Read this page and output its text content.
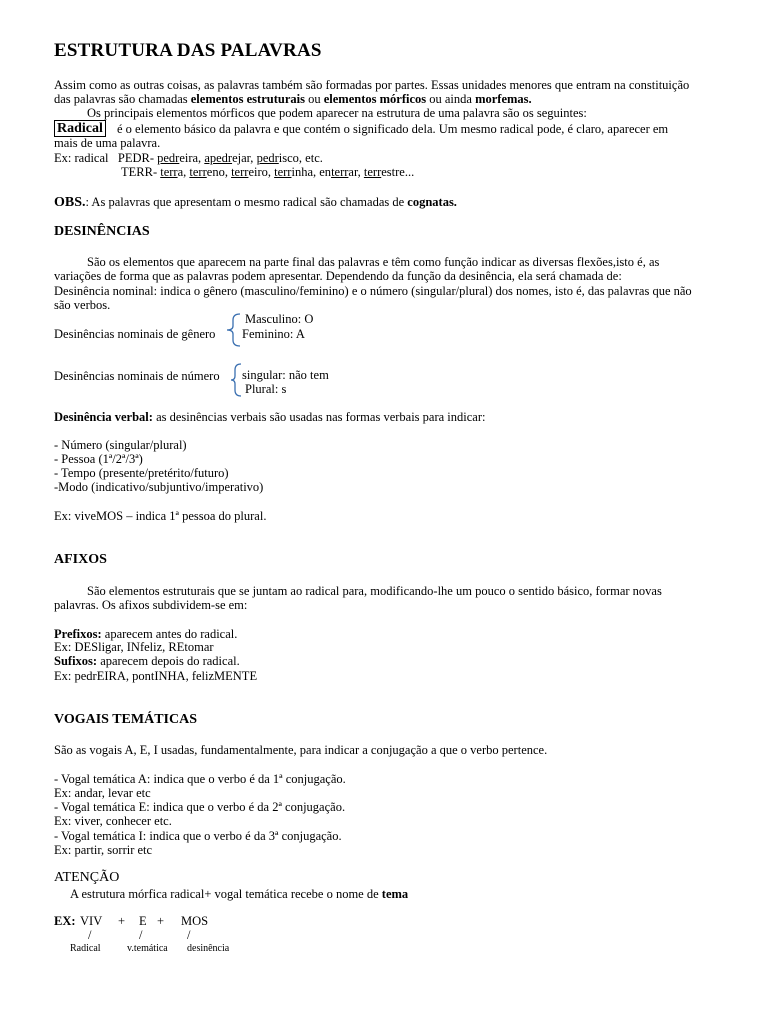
ESTRUTURA DAS PALAVRAS
Assim como as outras coisas, as palavras também são formadas por partes. Essas unidades menores que entram na constituição
das palavras são chamadas elementos estruturais ou elementos mórficos ou ainda morfemas.
Os principais elementos mórficos que podem aparecer na estrutura de uma palavra são os seguintes:
Radical é o elemento básico da palavra e que contém o significado dela. Um mesmo radical pode, é claro, aparecer em
mais de uma palavra.
Ex: radical   PEDR- pedreira, apedrejar, pedrisco, etc.
TERR- terra, terreno, terreiro, terrinha, enterrar, terrestre...
OBS.: As palavras que apresentam o mesmo radical são chamadas de cognatas.
DESINÊNCIAS
São os elementos que aparecem na parte final das palavras e têm como função indicar as diversas flexões,isto é, as
variações de forma que as palavras podem apresentar. Dependendo da função da desinência, ela será chamada de:
Desinência nominal: indica o gênero (masculino/feminino) e o número (singular/plural) dos nomes, isto é, das palavras que não
são verbos.
Desinências nominais de gênero
Masculino: O
Feminino: A
Desinências nominais de número singular: não tem
Plural: s
Desinência verbal: as desinências verbais são usadas nas formas verbais para indicar:
- Número (singular/plural)
- Pessoa (1ª/2ª/3ª)
- Tempo (presente/pretérito/futuro)
-Modo (indicativo/subjuntivo/imperativo)
Ex: viveMOS – indica 1ª pessoa do plural.
AFIXOS
São elementos estruturais que se juntam ao radical para, modificando-lhe um pouco o sentido básico, formar novas
palavras. Os afixos subdividem-se em:
Prefixos: aparecem antes do radical.
Ex: DESligar, INfeliz, REtomar
Sufixos: aparecem depois do radical.
Ex: pedrEIRA, pontINHA, felizMENTE
VOGAIS TEMÁTICAS
São as vogais A, E, I usadas, fundamentalmente, para indicar a conjugação a que o verbo pertence.
- Vogal temática A: indica que o verbo é da 1ª conjugação.
Ex: andar, levar etc
- Vogal temática E: indica que o verbo é da 2ª conjugação.
Ex: viver, conhecer etc.
- Vogal temática I: indica que o verbo é da 3ª conjugação.
Ex: partir, sorrir etc
ATENÇÃO
A estrutura mórfica radical+ vogal temática recebe o nome de tema
EX: VIV + E + MOS
/	/	/
Radical	v.temática desinência
